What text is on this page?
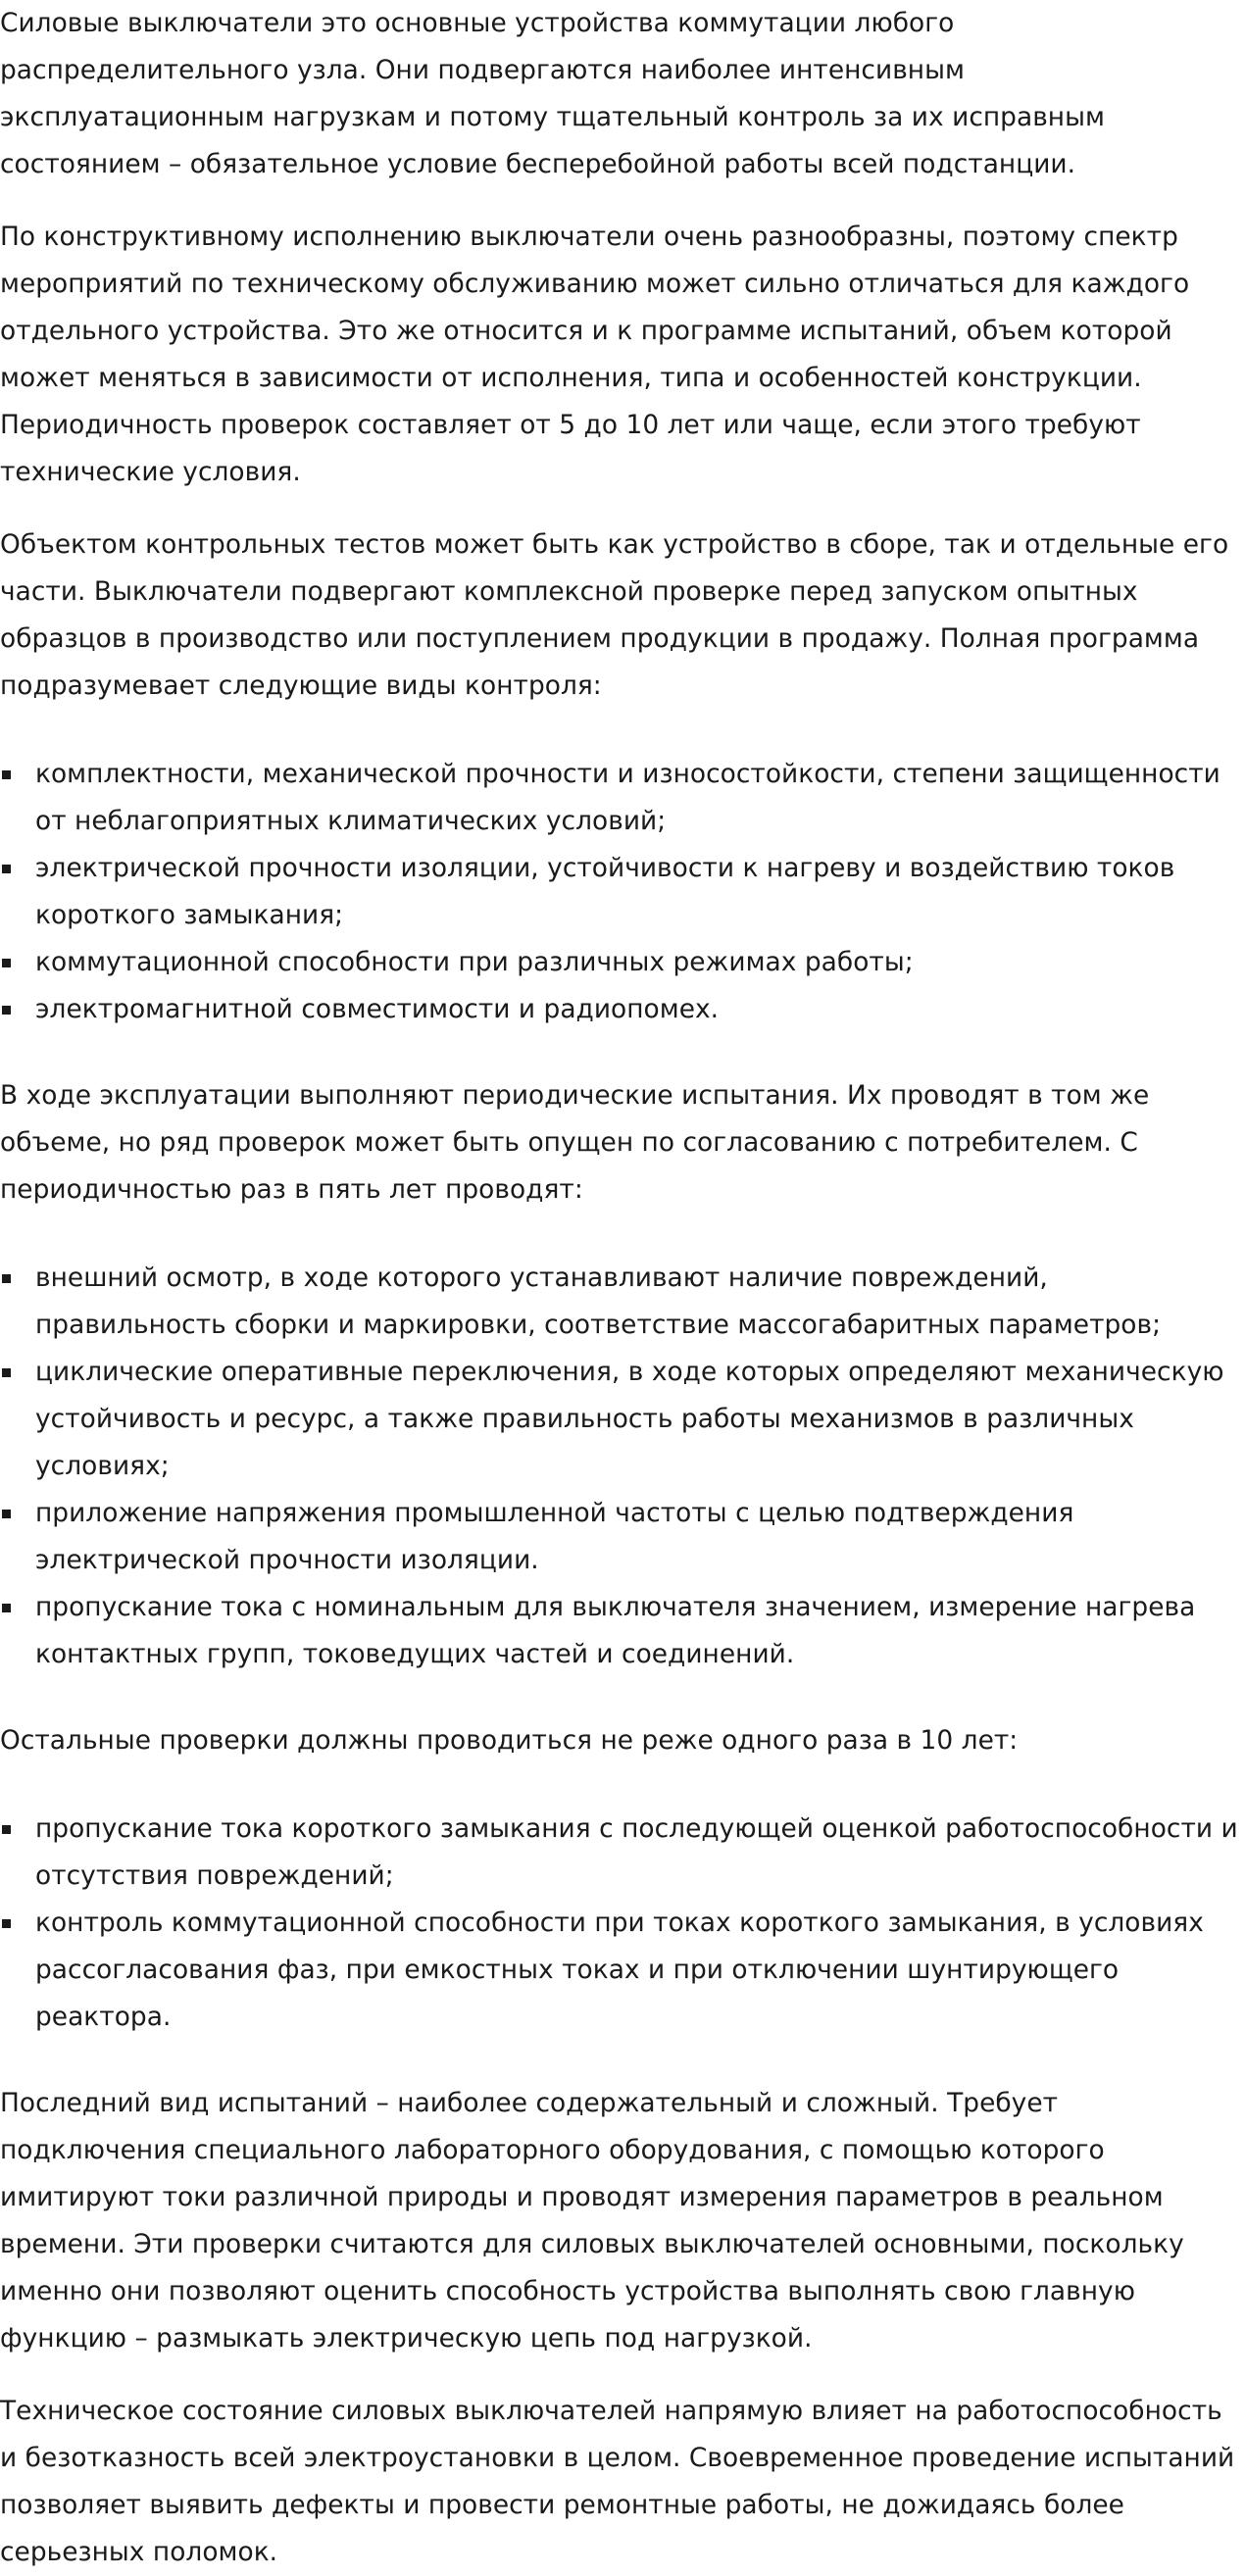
Силовые выключатели это основные устройства коммутации любого распределительного узла. Они подвергаются наиболее интенсивным эксплуатационным нагрузкам и потому тщательный контроль за их исправным состоянием – обязательное условие бесперебойной работы всей подстанции.

По конструктивному исполнению выключатели очень разнообразны, поэтому спектр мероприятий по техническому обслуживанию может сильно отличаться для каждого отдельного устройства. Это же относится и к программе испытаний, объем которой может меняться в зависимости от исполнения, типа и особенностей конструкции. Периодичность проверок составляет от 5 до 10 лет или чаще, если этого требуют технические условия.

Объектом контрольных тестов может быть как устройство в сборе, так и отдельные его части. Выключатели подвергают комплексной проверке перед запуском опытных образцов в производство или поступлением продукции в продажу. Полная программа подразумевает следующие виды контроля:

комплектности, механической прочности и износостойкости, степени защищенности от неблагоприятных климатических условий;
электрической прочности изоляции, устойчивости к нагреву и воздействию токов короткого замыкания;
коммутационной способности при различных режимах работы;
электромагнитной совместимости и радиопомех.

В ходе эксплуатации выполняют периодические испытания. Их проводят в том же объеме, но ряд проверок может быть опущен по согласованию с потребителем. С периодичностью раз в пять лет проводят:

внешний осмотр, в ходе которого устанавливают наличие повреждений, правильность сборки и маркировки, соответствие массогабаритных параметров;
циклические оперативные переключения, в ходе которых определяют механическую устойчивость и ресурс, а также правильность работы механизмов в различных условиях;
приложение напряжения промышленной частоты с целью подтверждения электрической прочности изоляции.
пропускание тока с номинальным для выключателя значением, измерение нагрева контактных групп, токоведущих частей и соединений.

Остальные проверки должны проводиться не реже одного раза в 10 лет:

пропускание тока короткого замыкания с последующей оценкой работоспособности и отсутствия повреждений;
контроль коммутационной способности при токах короткого замыкания, в условиях рассогласования фаз, при емкостных токах и при отключении шунтирующего реактора.

Последний вид испытаний – наиболее содержательный и сложный. Требует подключения специального лабораторного оборудования, с помощью которого имитируют токи различной природы и проводят измерения параметров в реальном времени. Эти проверки считаются для силовых выключателей основными, поскольку именно они позволяют оценить способность устройства выполнять свою главную функцию – размыкать электрическую цепь под нагрузкой.

Техническое состояние силовых выключателей напрямую влияет на работоспособность и безотказность всей электроустановки в целом. Своевременное проведение испытаний позволяет выявить дефекты и провести ремонтные работы, не дожидаясь более серьезных поломок.
